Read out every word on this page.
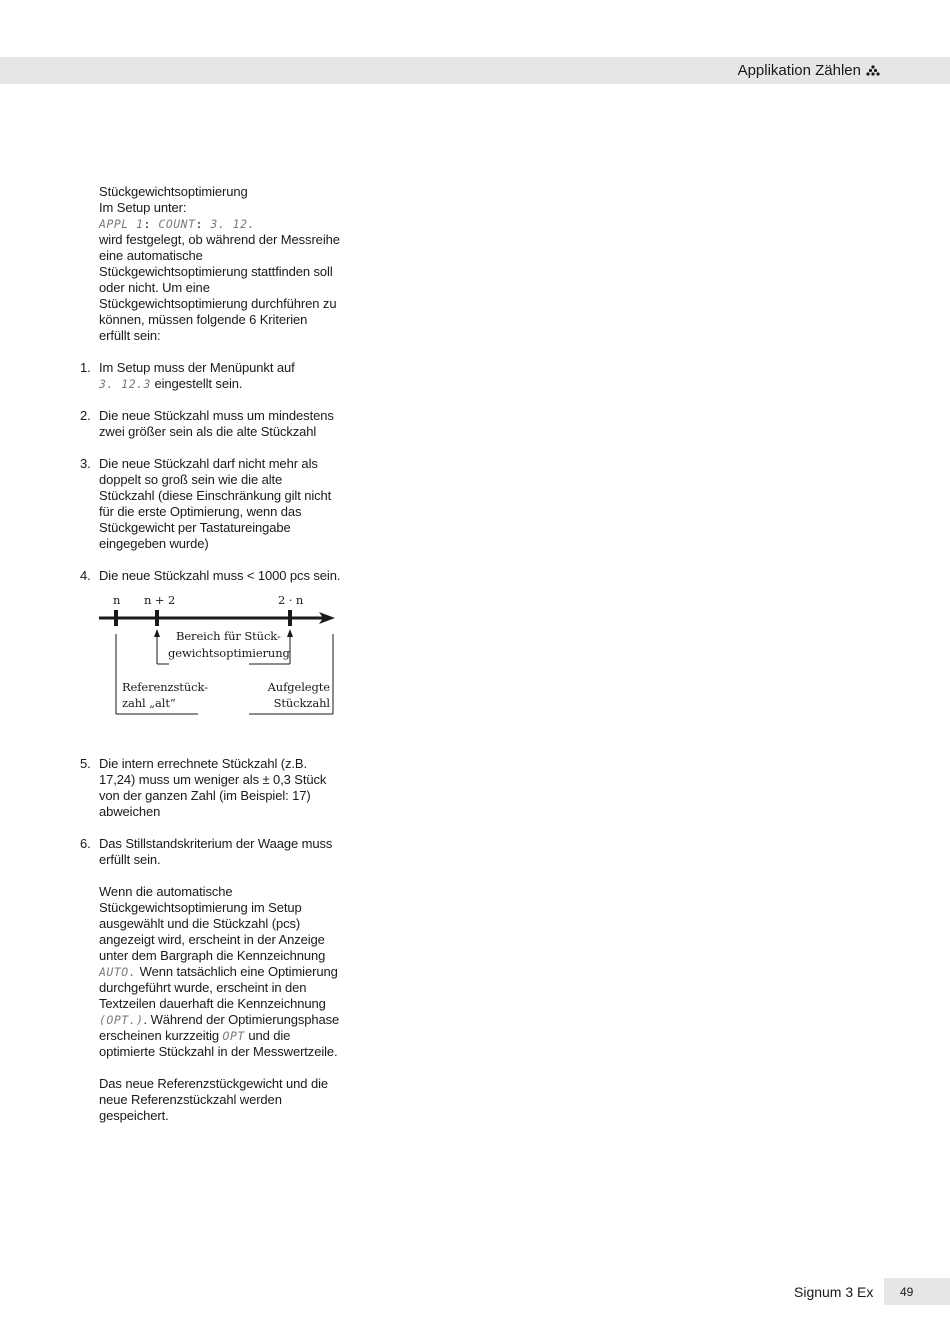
Applikation Zählen

Stückgewichtsoptimierung

Im Setup unter:

APPL 1: COUNT: 3. 12.

wird festgelegt, ob während der Messreihe eine automatische Stückgewichtsoptimierung stattfinden soll oder nicht. Um eine Stückgewichtsoptimierung durchführen zu können, müssen folgende 6 Kriterien erfüllt sein:

1. Im Setup muss der Menüpunkt auf
3. 12.3 eingestellt sein.

2. Die neue Stückzahl muss um mindestens zwei größer sein als die alte Stückzahl

3. Die neue Stückzahl darf nicht mehr als doppelt so groß sein wie die alte Stückzahl (diese Einschränkung gilt nicht für die erste Optimierung, wenn das Stückgewicht per Tastatureingabe eingegeben wurde)

4. Die neue Stückzahl muss < 1000 pcs sein.

n n + 2	2 · n
Bereich für Stück-
gewichtsoptimierung
Referenzstück-
zahl „alt“
Aufgelegte
Stückzahl
5. Die intern errechnete Stückzahl (z.B. 17,24) muss um weniger als ± 0,3 Stück von der ganzen Zahl (im Beispiel: 17) abweichen

6. Das Stillstandskriterium der Waage muss erfüllt sein.

Wenn die automatische Stückgewichtsoptimierung im Setup ausgewählt und die Stückzahl (pcs) angezeigt wird, erscheint in der Anzeige unter dem Bargraph die Kennzeichnung AUTO. Wenn tatsächlich eine Optimierung durchgeführt wurde, erscheint in den Textzeilen dauerhaft die Kennzeichnung (OPT.). Während der Optimierungsphase erscheinen kurzzeitig OPT und die optimierte Stückzahl in der Messwertzeile.

Das neue Referenzstückgewicht und die neue Referenzstückzahl werden gespeichert.

Signum 3 Ex 49
